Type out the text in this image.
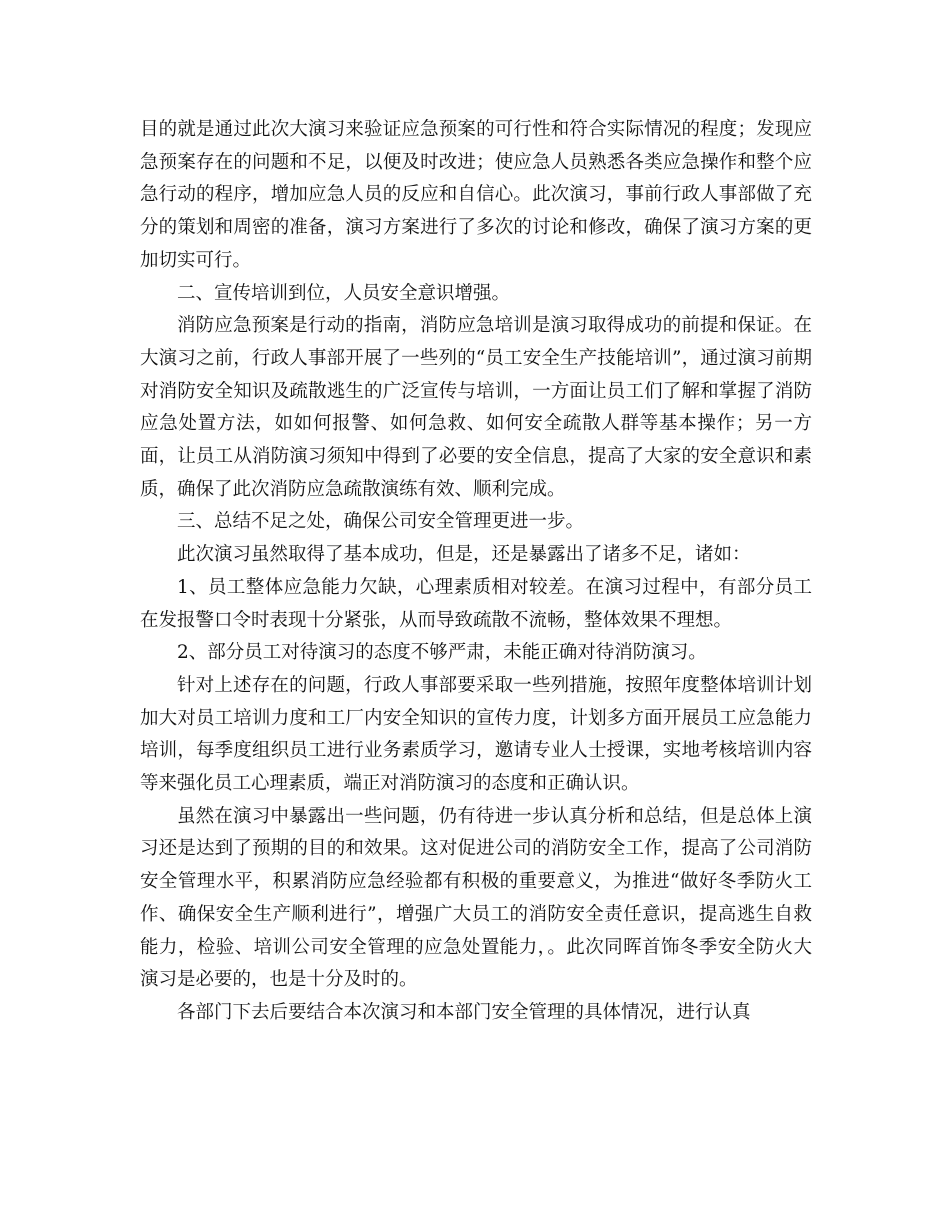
目的就是通过此次大演习来验证应急预案的可行性和符合实际情况的程度；发现应急预案存在的问题和不足，以便及时改进；使应急人员熟悉各类应急操作和整个应急行动的程序，增加应急人员的反应和自信心。此次演习，事前行政人事部做了充分的策划和周密的准备，演习方案进行了多次的讨论和修改，确保了演习方案的更加切实可行。

二、宣传培训到位，人员安全意识增强。

消防应急预案是行动的指南，消防应急培训是演习取得成功的前提和保证。在大演习之前，行政人事部开展了一些列的“员工安全生产技能培训”，通过演习前期对消防安全知识及疏散逃生的广泛宣传与培训，一方面让员工们了解和掌握了消防应急处置方法，如如何报警、如何急救、如何安全疏散人群等基本操作；另一方面，让员工从消防演习须知中得到了必要的安全信息，提高了大家的安全意识和素质，确保了此次消防应急疏散演练有效、顺利完成。

三、总结不足之处，确保公司安全管理更进一步。

此次演习虽然取得了基本成功，但是，还是暴露出了诸多不足，诸如：

1、员工整体应急能力欠缺，心理素质相对较差。在演习过程中，有部分员工在发报警口令时表现十分紧张，从而导致疏散不流畅，整体效果不理想。

2、部分员工对待演习的态度不够严肃，未能正确对待消防演习。

针对上述存在的问题，行政人事部要采取一些列措施，按照年度整体培训计划加大对员工培训力度和工厂内安全知识的宣传力度，计划多方面开展员工应急能力培训，每季度组织员工进行业务素质学习，邀请专业人士授课，实地考核培训内容等来强化员工心理素质，端正对消防演习的态度和正确认识。

虽然在演习中暴露出一些问题，仍有待进一步认真分析和总结，但是总体上演习还是达到了预期的目的和效果。这对促进公司的消防安全工作，提高了公司消防安全管理水平，积累消防应急经验都有积极的重要意义，为推进“做好冬季防火工作、确保安全生产顺利进行”，增强广大员工的消防安全责任意识，提高逃生自救能力，检验、培训公司安全管理的应急处置能力，。此次同晖首饰冬季安全防火大演习是必要的，也是十分及时的。

各部门下去后要结合本次演习和本部门安全管理的具体情况，进行认真
